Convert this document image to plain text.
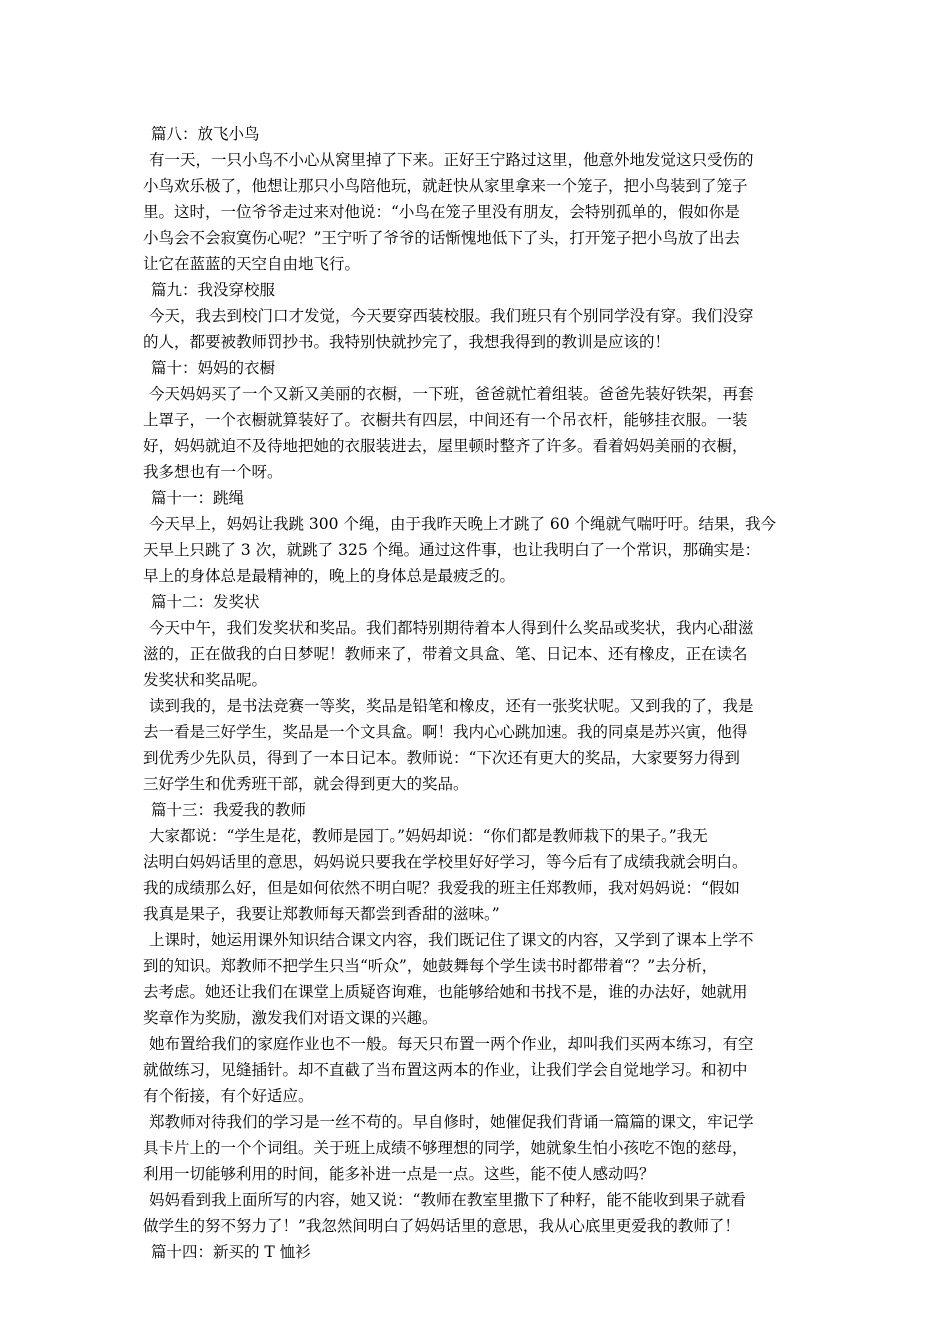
篇八：放飞小鸟
有一天，一只小鸟不小心从窝里掉了下来。正好王宁路过这里，他意外地发觉这只受伤的
小鸟欢乐极了，他想让那只小鸟陪他玩，就赶快从家里拿来一个笼子，把小鸟装到了笼子
里。这时，一位爷爷走过来对他说：“小鸟在笼子里没有朋友，会特别孤单的，假如你是
小鸟会不会寂寞伤心呢？”王宁听了爷爷的话惭愧地低下了头，打开笼子把小鸟放了出去
让它在蓝蓝的天空自由地飞行。
篇九：我没穿校服
今天，我去到校门口才发觉，今天要穿西装校服。我们班只有个别同学没有穿。我们没穿
的人，都要被教师罚抄书。我特别快就抄完了，我想我得到的教训是应该的！
篇十：妈妈的衣橱
今天妈妈买了一个又新又美丽的衣橱，一下班，爸爸就忙着组装。爸爸先装好铁架，再套
上罩子，一个衣橱就算装好了。衣橱共有四层，中间还有一个吊衣杆，能够挂衣服。一装
好，妈妈就迫不及待地把她的衣服装进去，屋里顿时整齐了许多。看着妈妈美丽的衣橱，
我多想也有一个呀。
篇十一：跳绳
今天早上，妈妈让我跳 300 个绳，由于我昨天晚上才跳了 60 个绳就气喘吁吁。结果，我今
天早上只跳了 3 次，就跳了 325 个绳。通过这件事，也让我明白了一个常识，那确实是：
早上的身体总是最精神的，晚上的身体总是最疲乏的。
篇十二：发奖状
今天中午，我们发奖状和奖品。我们都特别期待着本人得到什么奖品或奖状，我内心甜滋
滋的，正在做我的白日梦呢！教师来了，带着文具盒、笔、日记本、还有橡皮，正在读名
发奖状和奖品呢。
读到我的，是书法竞赛一等奖，奖品是铅笔和橡皮，还有一张奖状呢。又到我的了，我是
去一看是三好学生，奖品是一个文具盒。啊！我内心心跳加速。我的同桌是苏兴寅，他得
到优秀少先队员，得到了一本日记本。教师说：“下次还有更大的奖品，大家要努力得到
三好学生和优秀班干部，就会得到更大的奖品。
篇十三：我爱我的教师
大家都说：“学生是花，教师是园丁。”妈妈却说：“你们都是教师栽下的果子。”我无
法明白妈妈话里的意思，妈妈说只要我在学校里好好学习，等今后有了成绩我就会明白。
我的成绩那么好，但是如何依然不明白呢？我爱我的班主任郑教师，我对妈妈说：“假如
我真是果子，我要让郑教师每天都尝到香甜的滋味。”
上课时，她运用课外知识结合课文内容，我们既记住了课文的内容，又学到了课本上学不
到的知识。郑教师不把学生只当“听众”，她鼓舞每个学生读书时都带着“？”去分析，
去考虑。她还让我们在课堂上质疑咨询难，也能够给她和书找不是，谁的办法好，她就用
奖章作为奖励，激发我们对语文课的兴趣。
她布置给我们的家庭作业也不一般。每天只布置一两个作业，却叫我们买两本练习，有空
就做练习，见缝插针。却不直截了当布置这两本的作业，让我们学会自觉地学习。和初中
有个衔接，有个好适应。
郑教师对待我们的学习是一丝不苟的。早自修时，她催促我们背诵一篇篇的课文，牢记学
具卡片上的一个个词组。关于班上成绩不够理想的同学，她就象生怕小孩吃不饱的慈母，
利用一切能够利用的时间，能多补进一点是一点。这些，能不使人感动吗？
妈妈看到我上面所写的内容，她又说：“教师在教室里撒下了种籽，能不能收到果子就看
做学生的努不努力了！”我忽然间明白了妈妈话里的意思，我从心底里更爱我的教师了！
篇十四：新买的 T 恤衫
